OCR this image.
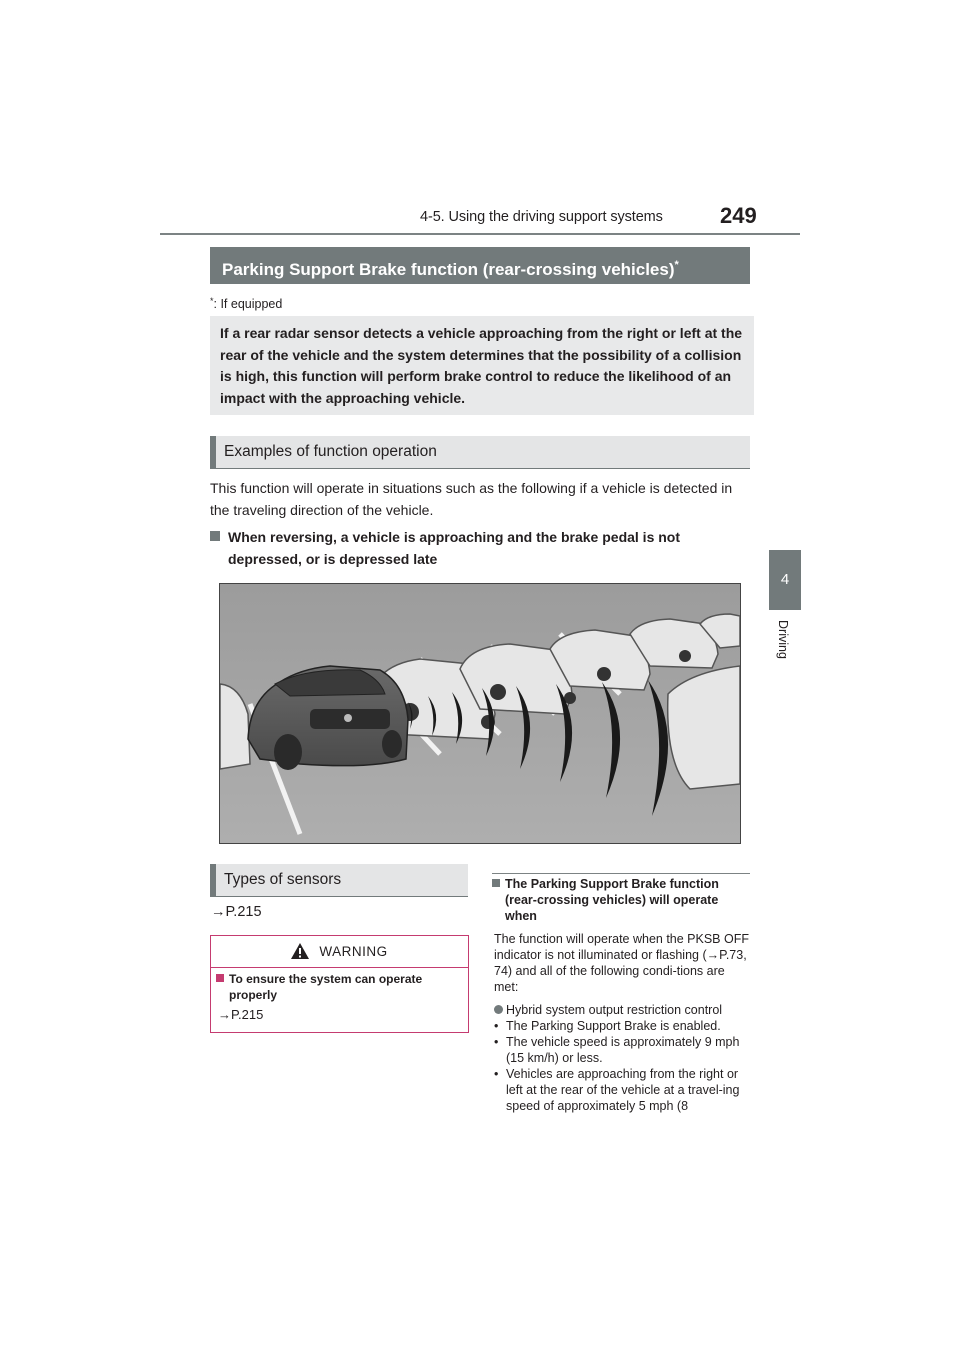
4-5. Using the driving support systems	249
4
Driving
Parking Support Brake function (rear-crossing vehicles)*
*: If equipped
If a rear radar sensor detects a vehicle approaching from the right or left at the rear of the vehicle and the system determines that the possibility of a collision is high, this function will perform brake control to reduce the likelihood of an impact with the approaching vehicle.
Examples of function operation
This function will operate in situations such as the following if a vehicle is detected in the traveling direction of the vehicle.
When reversing, a vehicle is approaching and the brake pedal is not depressed, or is depressed late
Types of sensors
→P.215
WARNING
To ensure the system can operate properly
→P.215
The Parking Support Brake function (rear-crossing vehicles) will operate when
The function will operate when the PKSB OFF indicator is not illuminated or flashing (→P.73, 74) and all of the following condi-tions are met:
Hybrid system output restriction control
• The Parking Support Brake is enabled.
• The vehicle speed is approximately 9 mph (15 km/h) or less.
• Vehicles are approaching from the right or left at the rear of the vehicle at a travel-ing speed of approximately 5 mph (8
